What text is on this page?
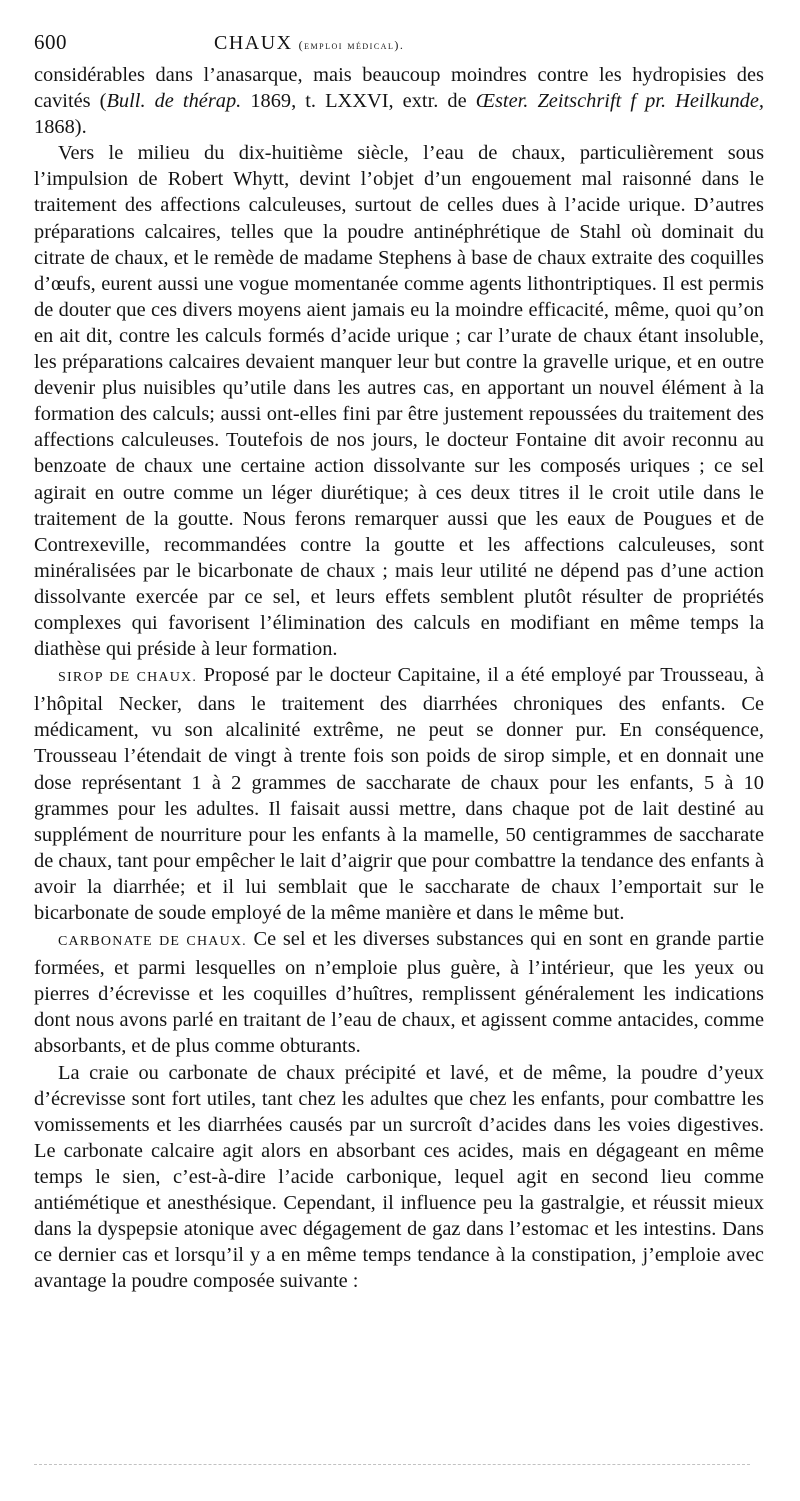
600	CHAUX (emploi médical).

considérables dans l’anasarque, mais beaucoup moindres contre les hydropisies des cavités (Bull. de thérap. 1869, t. LXXVI, extr. de Œster. Zeitschrift f pr. Heilkunde, 1868).

Vers le milieu du dix-huitième siècle, l’eau de chaux, particulièrement sous l’impulsion de Robert Whytt, devint l’objet d’un engouement mal raisonné dans le traitement des affections calculeuses, surtout de celles dues à l’acide urique. D’autres préparations calcaires, telles que la poudre antinéphrétique de Stahl où dominait du citrate de chaux, et le remède de madame Stephens à base de chaux extraite des coquilles d’œufs, eurent aussi une vogue momentanée comme agents lithontriptiques. Il est permis de douter que ces divers moyens aient jamais eu la moindre efficacité, même, quoi qu’on en ait dit, contre les calculs formés d’acide urique ; car l’urate de chaux étant insoluble, les préparations calcaires devaient manquer leur but contre la gravelle urique, et en outre devenir plus nuisibles qu’utile dans les autres cas, en apportant un nouvel élément à la formation des calculs; aussi ont-elles fini par être justement repoussées du traitement des affections calculeuses. Toutefois de nos jours, le docteur Fontaine dit avoir reconnu au benzoate de chaux une certaine action dissolvante sur les composés uriques ; ce sel agirait en outre comme un léger diurétique; à ces deux titres il le croit utile dans le traitement de la goutte. Nous ferons remarquer aussi que les eaux de Pougues et de Contrexeville, recommandées contre la goutte et les affections calculeuses, sont minéralisées par le bicarbonate de chaux ; mais leur utilité ne dépend pas d’une action dissolvante exercée par ce sel, et leurs effets semblent plutôt résulter de propriétés complexes qui favorisent l’élimination des calculs en modifiant en même temps la diathèse qui préside à leur formation.

SIROP DE CHAUX. Proposé par le docteur Capitaine, il a été employé par Trousseau, à l’hôpital Necker, dans le traitement des diarrhées chroniques des enfants. Ce médicament, vu son alcalinité extrême, ne peut se donner pur. En conséquence, Trousseau l’étendait de vingt à trente fois son poids de sirop simple, et en donnait une dose représentant 1 à 2 grammes de saccharate de chaux pour les enfants, 5 à 10 grammes pour les adultes. Il faisait aussi mettre, dans chaque pot de lait destiné au supplément de nourriture pour les enfants à la mamelle, 50 centigrammes de saccharate de chaux, tant pour empêcher le lait d’aigrir que pour combattre la tendance des enfants à avoir la diarrhée; et il lui semblait que le saccharate de chaux l’emportait sur le bicarbonate de soude employé de la même manière et dans le même but.

CARBONATE DE CHAUX. Ce sel et les diverses substances qui en sont en grande partie formées, et parmi lesquelles on n’emploie plus guère, à l’intérieur, que les yeux ou pierres d’écrevisse et les coquilles d’huîtres, remplissent généralement les indications dont nous avons parlé en traitant de l’eau de chaux, et agissent comme antacides, comme absorbants, et de plus comme obturants.

La craie ou carbonate de chaux précipité et lavé, et de même, la poudre d’yeux d’écrevisse sont fort utiles, tant chez les adultes que chez les enfants, pour combattre les vomissements et les diarrhées causés par un surcroît d’acides dans les voies digestives. Le carbonate calcaire agit alors en absorbant ces acides, mais en dégageant en même temps le sien, c’est-à-dire l’acide carbonique, lequel agit en second lieu comme antiémétique et anesthésique. Cependant, il influence peu la gastralgie, et réussit mieux dans la dyspepsie atonique avec dégagement de gaz dans l’estomac et les intestins. Dans ce dernier cas et lorsqu’il y a en même temps tendance à la constipation, j’emploie avec avantage la poudre composée suivante :
